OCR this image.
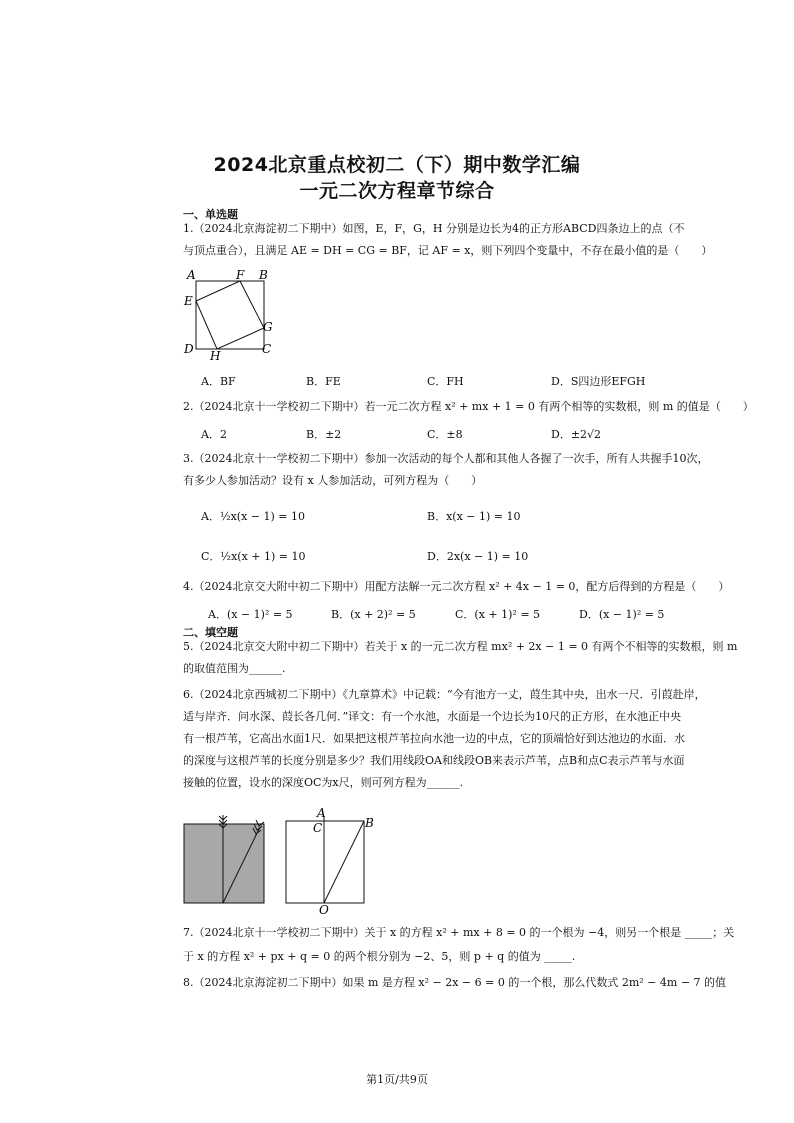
2024北京重点校初二（下）期中数学汇编
一元二次方程章节综合
一、单选题
1.（2024北京海淀初二下期中）如图，E，F，G，H 分别是边长为4的正方形ABCD四条边上的点（不
与顶点重合），且满足 AE = DH = CG = BF，记 AF = x，则下列四个变量中，不存在最小值的是（　　）
A	F B
E
G
D H	C
A．BF	B．FE	C．FH	D．S四边形EFGH
2.（2024北京十一学校初二下期中）若一元二次方程 x² + mx + 1 = 0 有两个相等的实数根，则 m 的值是（　　）
A．2	B．±2	C．±8	D．±2√2
3.（2024北京十一学校初二下期中）参加一次活动的每个人都和其他人各握了一次手，所有人共握手10次，
有多少人参加活动？设有 x 人参加活动，可列方程为（　　）
A．½x(x − 1) = 10	B．x(x − 1) = 10
C．½x(x + 1) = 10	D．2x(x − 1) = 10
4.（2024北京交大附中初二下期中）用配方法解一元二次方程 x² + 4x − 1 = 0，配方后得到的方程是（　　）
A．(x − 1)² = 5	B．(x + 2)² = 5	C．(x + 1)² = 5	D．(x − 1)² = 5
二、填空题
5.（2024北京交大附中初二下期中）若关于 x 的一元二次方程 mx² + 2x − 1 = 0 有两个不相等的实数根，则 m
的取值范围为______.
6.（2024北京西城初二下期中）《九章算术》中记载：“今有池方一丈，葭生其中央，出水一尺．引葭赴岸，
适与岸齐．问水深、葭长各几何．”译文：有一个水池，水面是一个边长为10尺的正方形，在水池正中央
有一根芦苇，它高出水面1尺．如果把这根芦苇拉向水池一边的中点，它的顶端恰好到达池边的水面．水
的深度与这根芦苇的长度分别是多少？我们用线段OA和线段OB来表示芦苇，点B和点C表示芦苇与水面
接触的位置，设水的深度OC为x尺，则可列方程为______.
A
C	B
O
7.（2024北京十一学校初二下期中）关于 x 的方程 x² + mx + 8 = 0 的一个根为 −4，则另一个根是 _____；关
于 x 的方程 x² + px + q = 0 的两个根分别为 −2、5，则 p + q 的值为 _____.
8.（2024北京海淀初二下期中）如果 m 是方程 x² − 2x − 6 = 0 的一个根，那么代数式 2m² − 4m − 7 的值
第1页/共9页
